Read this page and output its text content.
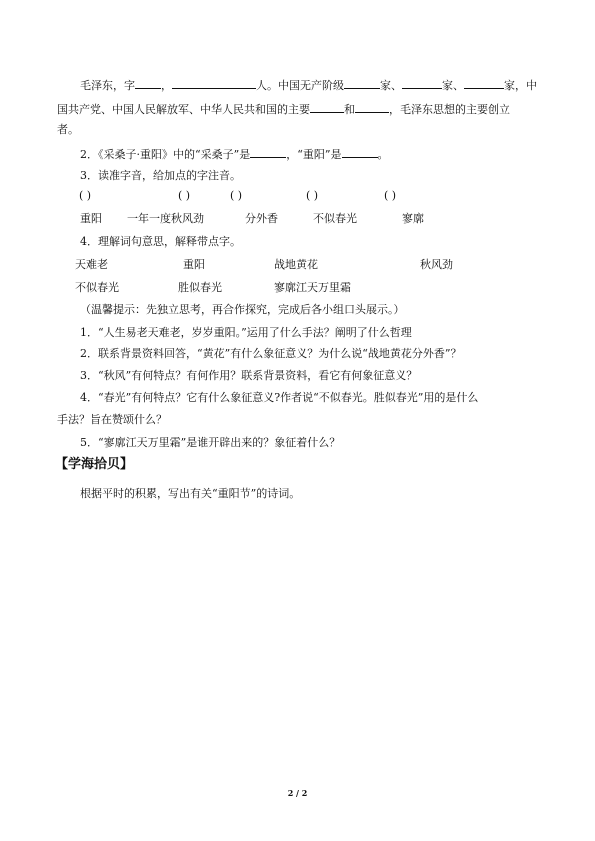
毛泽东，字 ，	人。中国无产阶级	家、	家、	家，中
国共产党、中国人民解放军、中华人民共和国的主要	和	，毛泽东思想的主要创立
者。
2．《采桑子·重阳》中的“采桑子”是	，“重阳”是	。
3．读准字音，给加点的字注音。
( )	( )	( )	( )	( )
重阳 一年一度秋风劲	分外香	不似春光	寥廓
4．理解词句意思，解释带点字。
天难老	重阳	战地黄花	秋风劲
不似春光	胜似春光	寥廓江天万里霜
（温馨提示：先独立思考，再合作探究，完成后各小组口头展示。）
1．“人生易老天难老，岁岁重阳。”运用了什么手法？阐明了什么哲理
2．联系背景资料回答，“黄花”有什么象征意义？为什么说“战地黄花分外香”？
3．“秋风”有何特点？有何作用？联系背景资料，看它有何象征意义？
4．“春光”有何特点？它有什么象征意义?作者说“不似春光。胜似春光”用的是什么
手法？旨在赞颂什么？
5．“寥廓江天万里霜”是谁开辟出来的？象征着什么？
【学海拾贝】
根据平时的积累，写出有关“重阳节”的诗词。
2 / 2
